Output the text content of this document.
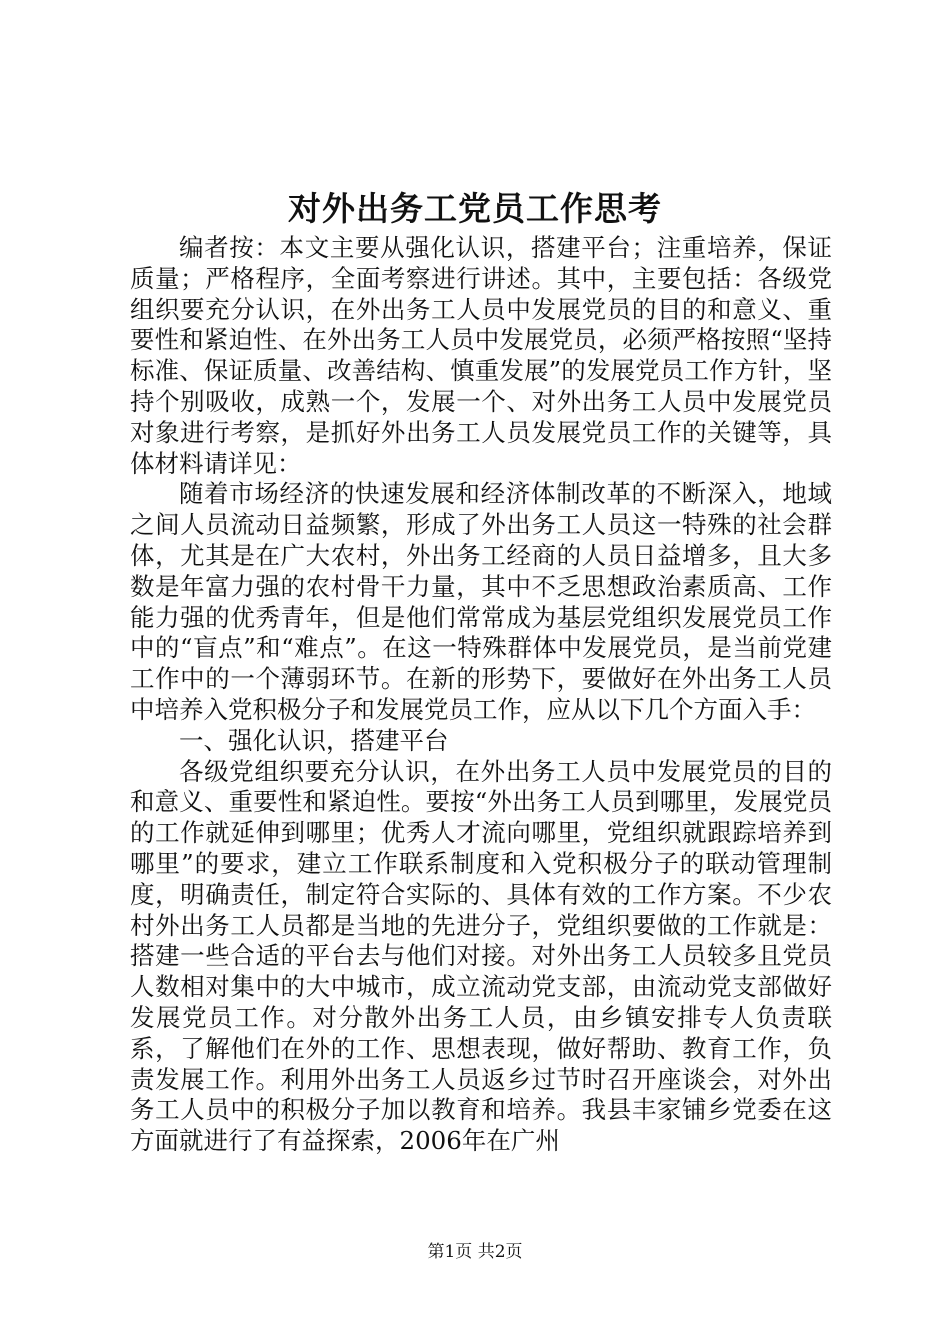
对外出务工党员工作思考

编者按：本文主要从强化认识，搭建平台；注重培养，保证质量；严格程序，全面考察进行讲述。其中，主要包括：各级党组织要充分认识，在外出务工人员中发展党员的目的和意义、重要性和紧迫性、在外出务工人员中发展党员，必须严格按照“坚持标准、保证质量、改善结构、慎重发展”的发展党员工作方针，坚持个别吸收，成熟一个，发展一个、对外出务工人员中发展党员对象进行考察，是抓好外出务工人员发展党员工作的关键等，具体材料请详见：

随着市场经济的快速发展和经济体制改革的不断深入，地域之间人员流动日益频繁，形成了外出务工人员这一特殊的社会群体，尤其是在广大农村，外出务工经商的人员日益增多，且大多数是年富力强的农村骨干力量，其中不乏思想政治素质高、工作能力强的优秀青年，但是他们常常成为基层党组织发展党员工作中的“盲点”和“难点”。在这一特殊群体中发展党员，是当前党建工作中的一个薄弱环节。在新的形势下，要做好在外出务工人员中培养入党积极分子和发展党员工作，应从以下几个方面入手：

一、强化认识，搭建平台

各级党组织要充分认识，在外出务工人员中发展党员的目的和意义、重要性和紧迫性。要按“外出务工人员到哪里，发展党员的工作就延伸到哪里；优秀人才流向哪里，党组织就跟踪培养到哪里”的要求，建立工作联系制度和入党积极分子的联动管理制度，明确责任，制定符合实际的、具体有效的工作方案。不少农村外出务工人员都是当地的先进分子，党组织要做的工作就是：搭建一些合适的平台去与他们对接。对外出务工人员较多且党员人数相对集中的大中城市，成立流动党支部，由流动党支部做好发展党员工作。对分散外出务工人员，由乡镇安排专人负责联系，了解他们在外的工作、思想表现，做好帮助、教育工作，负责发展工作。利用外出务工人员返乡过节时召开座谈会，对外出务工人员中的积极分子加以教育和培养。我县丰家铺乡党委在这方面就进行了有益探索，2006年在广州

第1页 共2页
